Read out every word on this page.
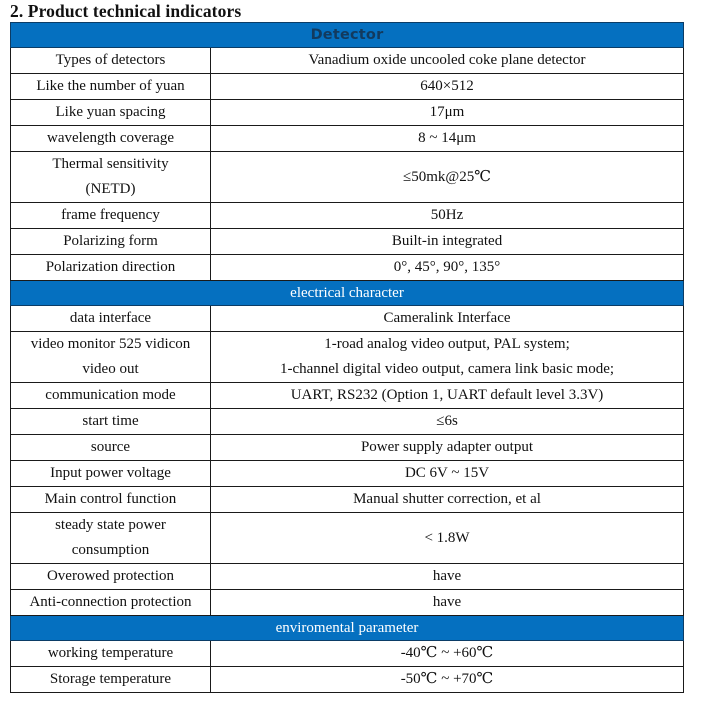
2. Product technical indicators
Detector	

Types of detectors	Vanadium oxide uncooled coke plane detector

Like the number of yuan	640×512

Like yuan spacing	17μm

wavelength coverage	8 ~ 14μm

Thermal sensitivity
(NETD)	≤50mk@25℃

frame frequency	50Hz

Polarizing form	Built-in integrated

Polarization direction	0°, 45°, 90°, 135°

electrical character	

data interface	Cameralink Interface

video monitor 525 vidicon
video out	1-road analog video output, PAL system;
1-channel digital video output, camera link basic mode;

communication mode	UART, RS232 (Option 1, UART default level 3.3V)

start time	≤6s

source	Power supply adapter output

Input power voltage	DC 6V ~ 15V

Main control function	Manual shutter correction, et al

steady state power
consumption	< 1.8W

Overowed protection	have

Anti-connection protection	have

enviromental parameter	

working temperature	-40℃ ~ +60℃

Storage temperature	-50℃ ~ +70℃
